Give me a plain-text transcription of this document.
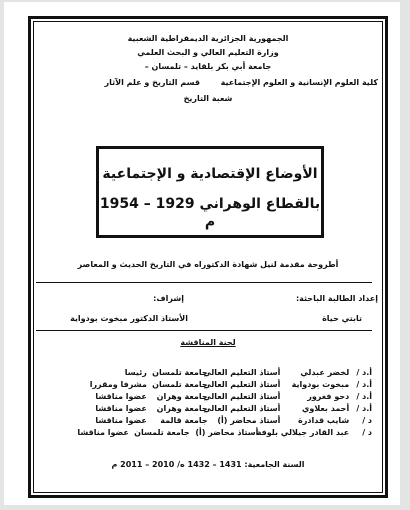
الجمهورية الجزائرية الديمقراطية الشعبية
وزارة التعليم العالي و البحث العلمي
جامعة أبي بكر بلقايد – تلمسان –
كلية العلوم الإنسانية و العلوم الإجتماعية
قسم التاريخ و علم الآثار
شعبة التاريخ
الأوضاع الإقتصادية و الإجتماعية
بالقطاع الوهراني 1929 – 1954 م
أطروحة مقدمة لنيل شهادة الدكتوراه في التاريخ الحديث و المعاصر
إعداد الطالبة الباحثة:
إشراف:
تابتي حياة
الأستاذ الدكتور مبخوت بودواية
لجنة المناقشة
أ.د / لخضر عبدلي أستاذ التعليم العالي جامعة تلمسان رئيسا
أ.د / مبخوت بودواية أستاذ التعليم العالي جامعة تلمسان مشرفا ومقررا
أ.د / دحو فغرور أستاذ التعليم العالي جامعة وهران عضوا مناقشا
أ.د / أحمد بعلاوي أستاذ التعليم العالي جامعة وهران عضوا مناقشا
د / شايب قدادرة أستاذ محاضر (أ) جامعة قالمة عضوا مناقشا
د / عبد القادر جيلالي بلوفة أستاذ محاضر (أ) جامعة تلمسان عضوا مناقشا
السنة الجامعية: 1431 – 1432 ه/ 2010 – 2011 م
